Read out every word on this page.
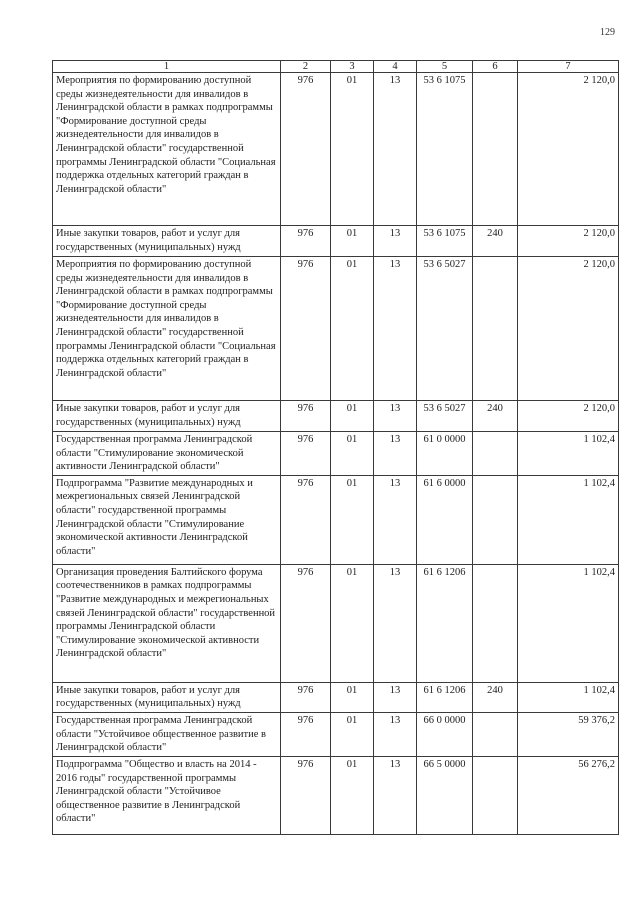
129
1	2	3	4	5	6	7
Мероприятия по формированию доступной среды жизнедеятельности для инвалидов в Ленинградской области в рамках подпрограммы "Формирование доступной среды жизнедеятельности для инвалидов в Ленинградской области" государственной программы Ленинградской области "Социальная поддержка отдельных категорий граждан в Ленинградской области"	976	01	13	53 6 1075		2 120,0
Иные закупки товаров, работ и услуг для государственных (муниципальных) нужд	976	01	13	53 6 1075	240	2 120,0
Мероприятия по формированию доступной среды жизнедеятельности для инвалидов в Ленинградской области в рамках подпрограммы "Формирование доступной среды жизнедеятельности для инвалидов в Ленинградской области" государственной программы Ленинградской области "Социальная поддержка отдельных категорий граждан в Ленинградской области"	976	01	13	53 6 5027		2 120,0
Иные закупки товаров, работ и услуг для государственных (муниципальных) нужд	976	01	13	53 6 5027	240	2 120,0
Государственная программа Ленинградской области "Стимулирование экономической активности Ленинградской области"	976	01	13	61 0 0000		1 102,4
Подпрограмма "Развитие международных и межрегиональных связей Ленинградской области" государственной программы Ленинградской области "Стимулирование экономической активности Ленинградской области"	976	01	13	61 6 0000		1 102,4
Организация проведения Балтийского форума соотечественников в рамках подпрограммы "Развитие международных и межрегиональных связей Ленинградской области" государственной программы Ленинградской области "Стимулирование экономической активности Ленинградской области"	976	01	13	61 6 1206		1 102,4
Иные закупки товаров, работ и услуг для государственных (муниципальных) нужд	976	01	13	61 6 1206	240	1 102,4
Государственная программа Ленинградской области "Устойчивое общественное развитие в Ленинградской области"	976	01	13	66 0 0000		59 376,2
Подпрограмма "Общество и власть на 2014 - 2016 годы" государственной программы Ленинградской области "Устойчивое общественное развитие в Ленинградской области"	976	01	13	66 5 0000		56 276,2
